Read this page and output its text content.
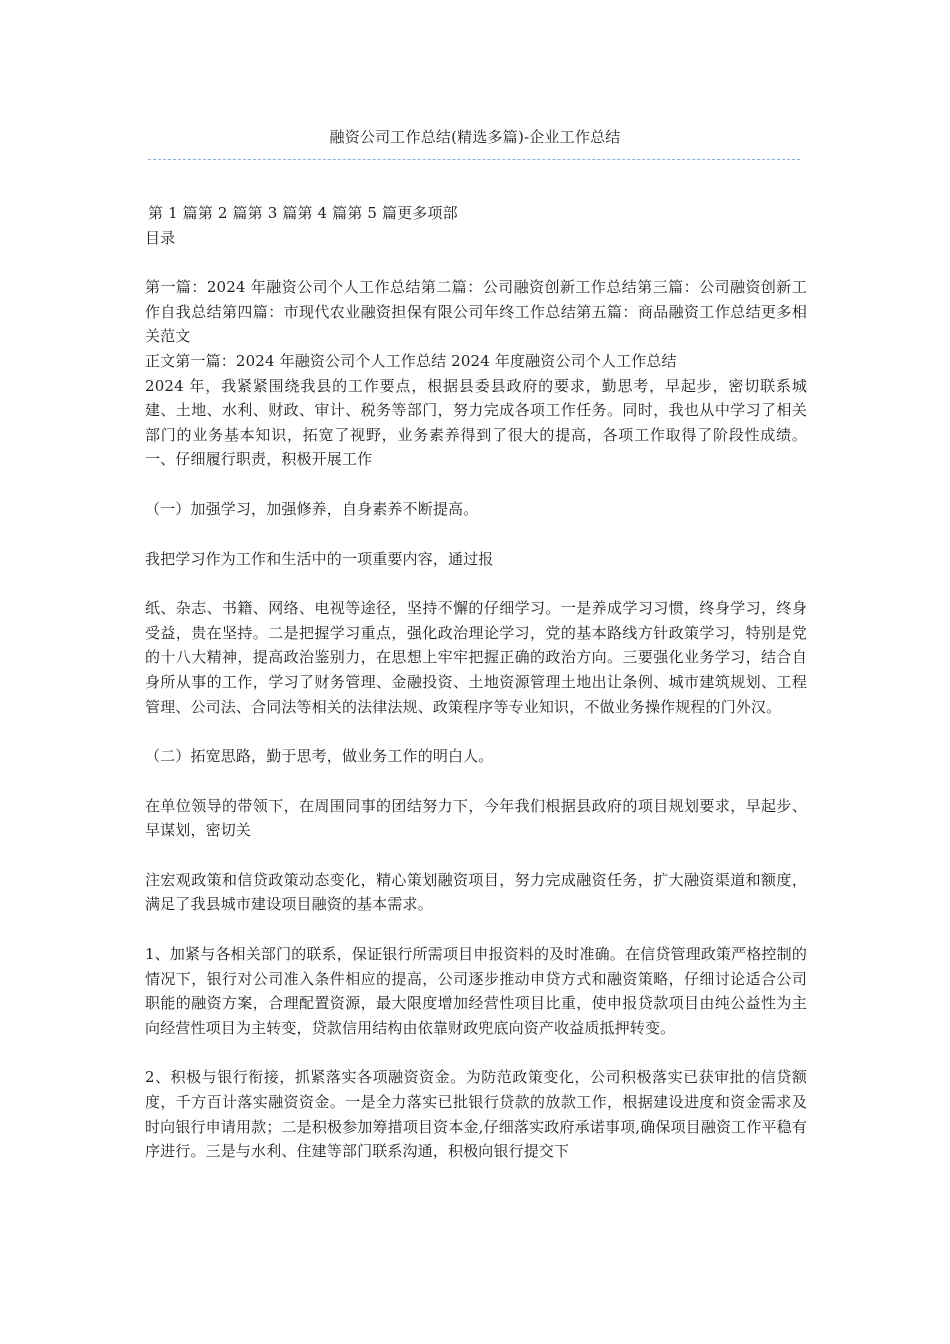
融资公司工作总结(精选多篇)-企业工作总结

第 1 篇第 2 篇第 3 篇第 4 篇第 5 篇更多项部

目录

第一篇：2024 年融资公司个人工作总结第二篇：公司融资创新工作总结第三篇：公司融资创新工作自我总结第四篇：市现代农业融资担保有限公司年终工作总结第五篇：商品融资工作总结更多相关范文

正文第一篇：2024 年融资公司个人工作总结 2024 年度融资公司个人工作总结

2024 年，我紧紧围绕我县的工作要点，根据县委县政府的要求，勤思考，早起步，密切联系城建、土地、水利、财政、审计、税务等部门，努力完成各项工作任务。同时，我也从中学习了相关部门的业务基本知识，拓宽了视野，业务素养得到了很大的提高，各项工作取得了阶段性成绩。一、仔细履行职责，积极开展工作

（一）加强学习，加强修养，自身素养不断提高。

我把学习作为工作和生活中的一项重要内容，通过报

纸、杂志、书籍、网络、电视等途径，坚持不懈的仔细学习。一是养成学习习惯，终身学习，终身受益，贵在坚持。二是把握学习重点，强化政治理论学习，党的基本路线方针政策学习，特别是党的十八大精神，提高政治鉴别力，在思想上牢牢把握正确的政治方向。三要强化业务学习，结合自身所从事的工作，学习了财务管理、金融投资、土地资源管理土地出让条例、城市建筑规划、工程管理、公司法、合同法等相关的法律法规、政策程序等专业知识，不做业务操作规程的门外汉。

（二）拓宽思路，勤于思考，做业务工作的明白人。

在单位领导的带领下，在周围同事的团结努力下，今年我们根据县政府的项目规划要求，早起步、早谋划，密切关

注宏观政策和信贷政策动态变化，精心策划融资项目，努力完成融资任务，扩大融资渠道和额度，满足了我县城市建设项目融资的基本需求。

1、加紧与各相关部门的联系，保证银行所需项目申报资料的及时准确。在信贷管理政策严格控制的情况下，银行对公司准入条件相应的提高，公司逐步推动申贷方式和融资策略，仔细讨论适合公司职能的融资方案，合理配置资源，最大限度增加经营性项目比重，使申报贷款项目由纯公益性为主向经营性项目为主转变，贷款信用结构由依靠财政兜底向资产收益质抵押转变。

2、积极与银行衔接，抓紧落实各项融资资金。为防范政策变化，公司积极落实已获审批的信贷额度，千方百计落实融资资金。一是全力落实已批银行贷款的放款工作，根据建设进度和资金需求及时向银行申请用款；二是积极参加筹措项目资本金,仔细落实政府承诺事项,确保项目融资工作平稳有序进行。三是与水利、住建等部门联系沟通，积极向银行提交下
